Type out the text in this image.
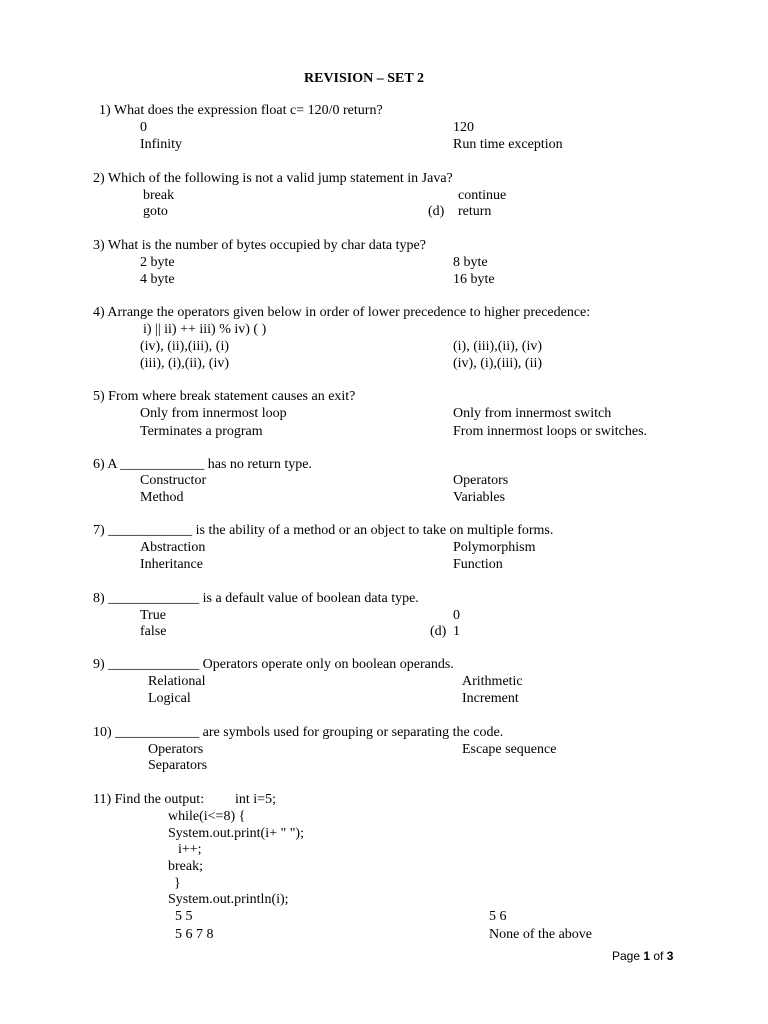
REVISION – SET 2
1) What does the expression float c= 120/0 return?
0	120
Infinity	Run time exception
2) Which of the following is not a valid jump statement in Java?
break	continue
goto	(d) return
3) What is the number of bytes occupied by char data type?
2 byte	8 byte
4 byte	16 byte
4) Arrange the operators given below in order of lower precedence to higher precedence:
i) || ii) ++ iii) % iv) ( )
(iv), (ii),(iii), (i)	(i), (iii),(ii), (iv)
(iii), (i),(ii), (iv)	(iv), (i),(iii), (ii)
5) From where break statement causes an exit?
Only from innermost loop	Only from innermost switch
Terminates a program	From innermost loops or switches.
6) A ____________ has no return type.
Constructor	Operators
Method	Variables
7) ____________ is the ability of a method or an object to take on multiple forms.
Abstraction	Polymorphism
Inheritance	Function
8) _____________ is a default value of boolean data type.
True	0
false	(d) 1
9) _____________ Operators operate only on boolean operands.
Relational	Arithmetic
Logical	Increment
10) ____________ are symbols used for grouping or separating the code.
Operators	Escape sequence
Separators
11) Find the output: int i=5;
while(i<=8) {
System.out.print(i+ " ");
i++;
break;
}
System.out.println(i);
5 5	5 6
5 6 7 8	None of the above
Page 1 of 3
